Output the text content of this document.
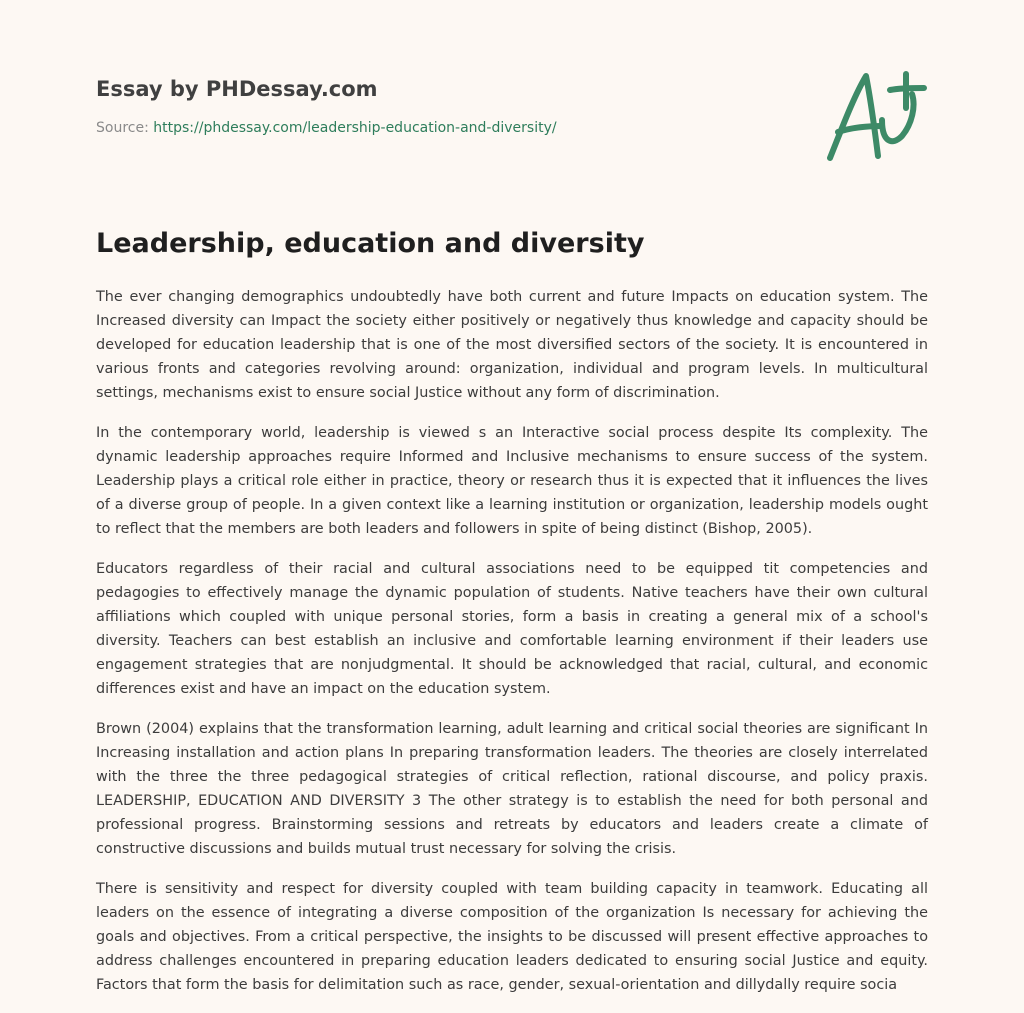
Essay by PHDessay.com
Source: https://phdessay.com/leadership-education-and-diversity/
Leadership, education and diversity

The ever changing demographics undoubtedly have both current and future Impacts on education system. The Increased diversity can Impact the society either positively or negatively thus knowledge and capacity should be developed for education leadership that is one of the most diversified sectors of the society. It is encountered in various fronts and categories revolving around: organization, individual and program levels. In multicultural settings, mechanisms exist to ensure social Justice without any form of discrimination.

In the contemporary world, leadership is viewed s an Interactive social process despite Its complexity. The dynamic leadership approaches require Informed and Inclusive mechanisms to ensure success of the system. Leadership plays a critical role either in practice, theory or research thus it is expected that it influences the lives of a diverse group of people. In a given context like a learning institution or organization, leadership models ought to reflect that the members are both leaders and followers in spite of being distinct (Bishop, 2005).

Educators regardless of their racial and cultural associations need to be equipped tit competencies and pedagogies to effectively manage the dynamic population of students. Native teachers have their own cultural affiliations which coupled with unique personal stories, form a basis in creating a general mix of a school's diversity. Teachers can best establish an inclusive and comfortable learning environment if their leaders use engagement strategies that are nonjudgmental. It should be acknowledged that racial, cultural, and economic differences exist and have an impact on the education system.

Brown (2004) explains that the transformation learning, adult learning and critical social theories are significant In Increasing installation and action plans In preparing transformation leaders. The theories are closely interrelated with the three the three pedagogical strategies of critical reflection, rational discourse, and policy praxis. LEADERSHIP, EDUCATION AND DIVERSITY 3 The other strategy is to establish the need for both personal and professional progress. Brainstorming sessions and retreats by educators and leaders create a climate of constructive discussions and builds mutual trust necessary for solving the crisis.

There is sensitivity and respect for diversity coupled with team building capacity in teamwork. Educating all leaders on the essence of integrating a diverse composition of the organization Is necessary for achieving the goals and objectives. From a critical perspective, the insights to be discussed will present effective approaches to address challenges encountered in preparing education leaders dedicated to ensuring social Justice and equity. Factors that form the basis for delimitation such as race, gender, sexual-orientation and dillydally require socia
